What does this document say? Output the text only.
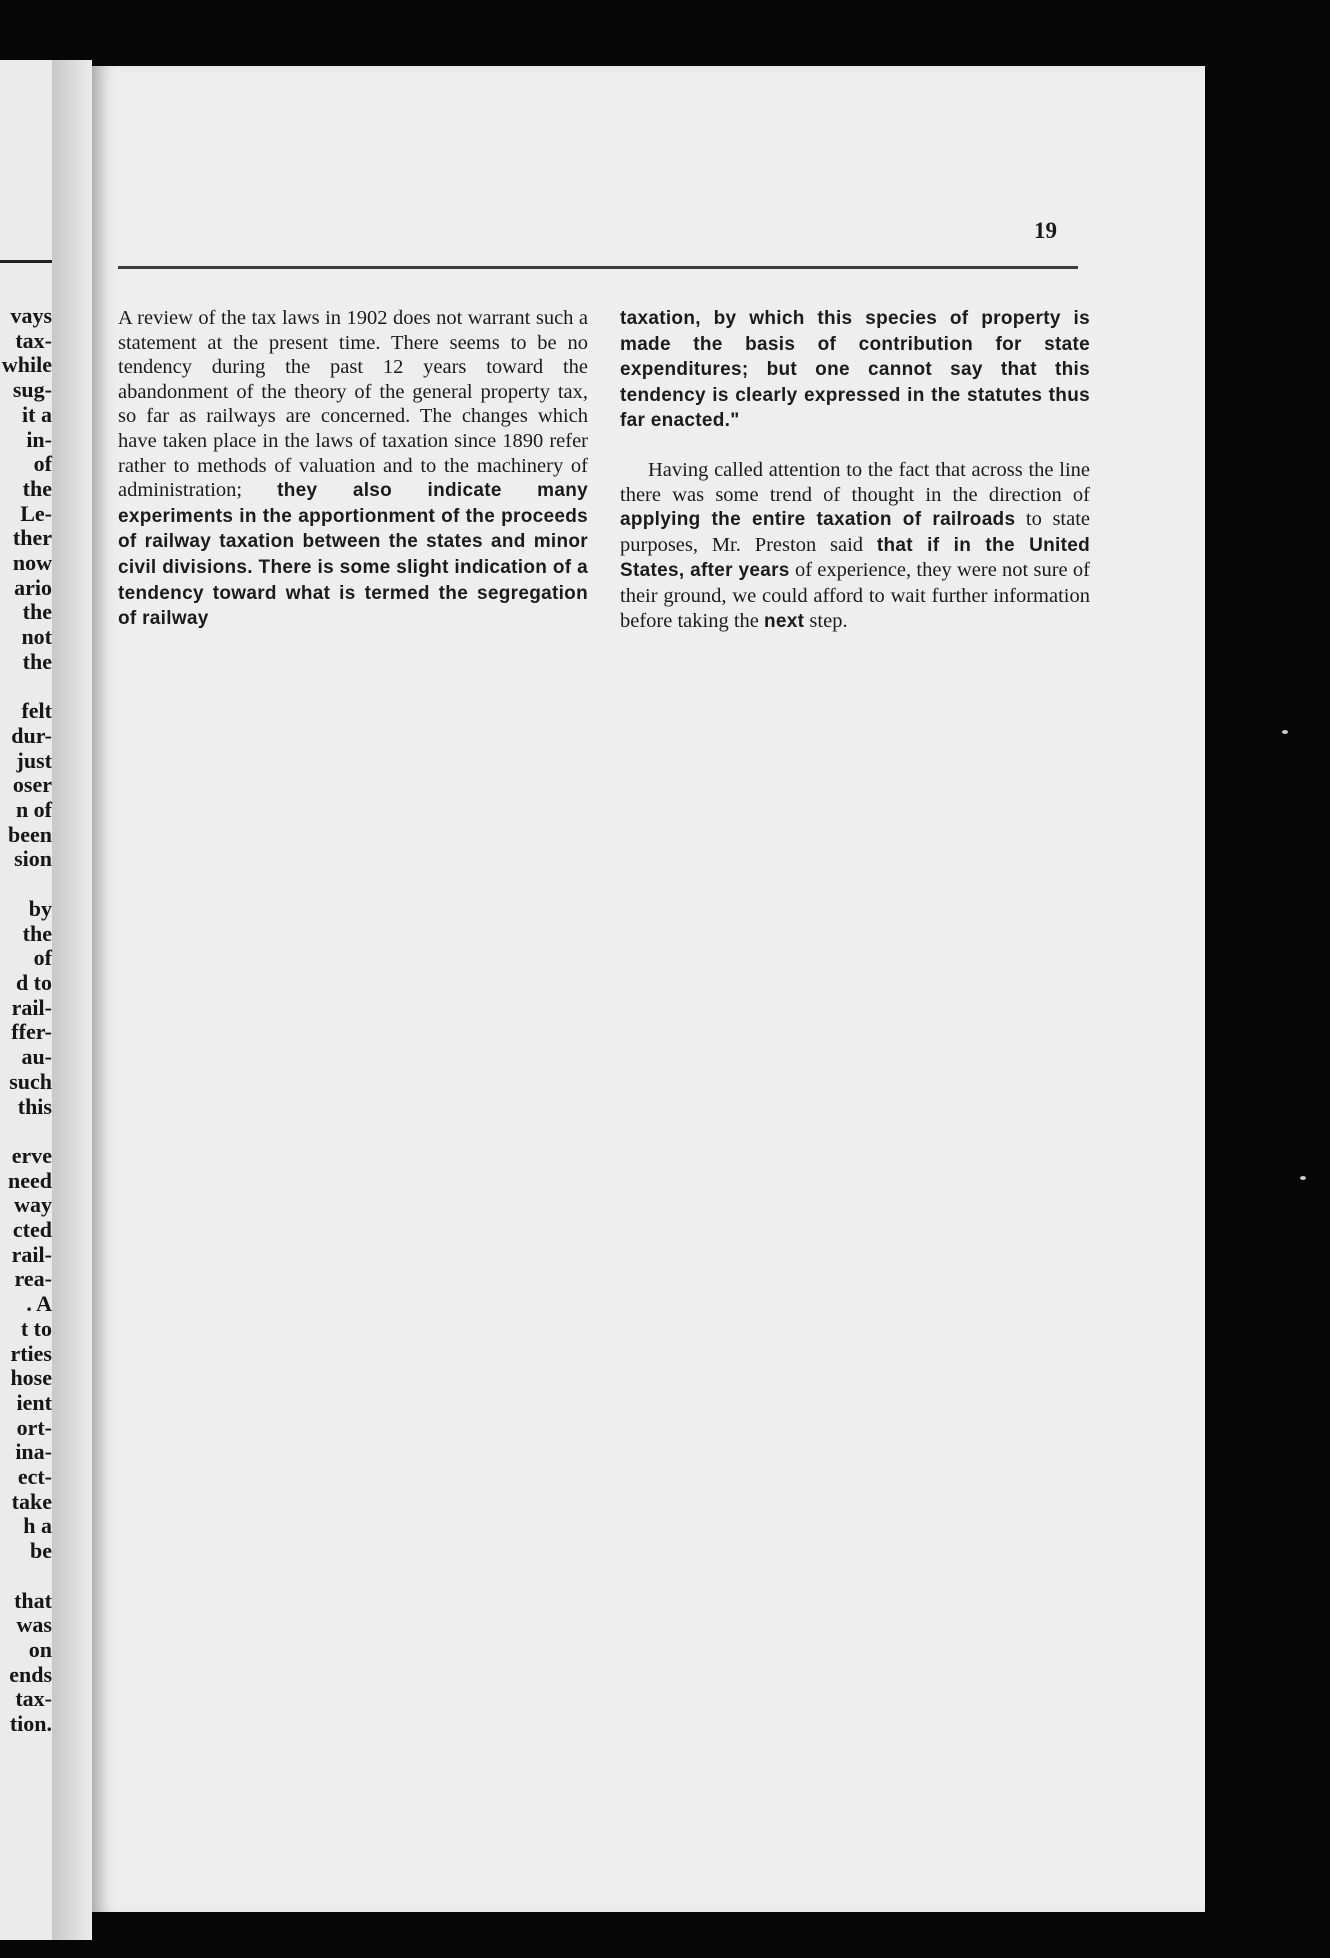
vays
tax-
while
sug-
it a
in-
of
the
Le-
ther
now
ario
the
not
the

felt
dur-
just
oser
n of
been
sion

by
the
of
d to
rail-
ffer-
au-
such
this

erve
need
way
cted
rail-
rea-
. A
t to
rties
hose
ient
ort-
ina-
ect-
take
h a
be

that
was
on
ends
tax-
tion.
19

A review of the tax laws in 1902 does not warrant such a statement at the present time. There seems to be no tendency during the past 12 years toward the abandonment of the theory of the general property tax, so far as railways are concerned. The changes which have taken place in the laws of taxation since 1890 refer rather to methods of valuation and to the machinery of administration; they also indicate many experiments in the apportionment of the proceeds of railway taxation between the states and minor civil divisions. There is some slight indication of a tendency toward what is termed the segregation of railway

taxation, by which this species of property is made the basis of contribution for state expenditures; but one cannot say that this tendency is clearly expressed in the statutes thus far enacted."

Having called attention to the fact that across the line there was some trend of thought in the direction of applying the entire taxation of railroads to state purposes, Mr. Preston said that if in the United States, after years of experience, they were not sure of their ground, we could afford to wait further information before taking the next step.
